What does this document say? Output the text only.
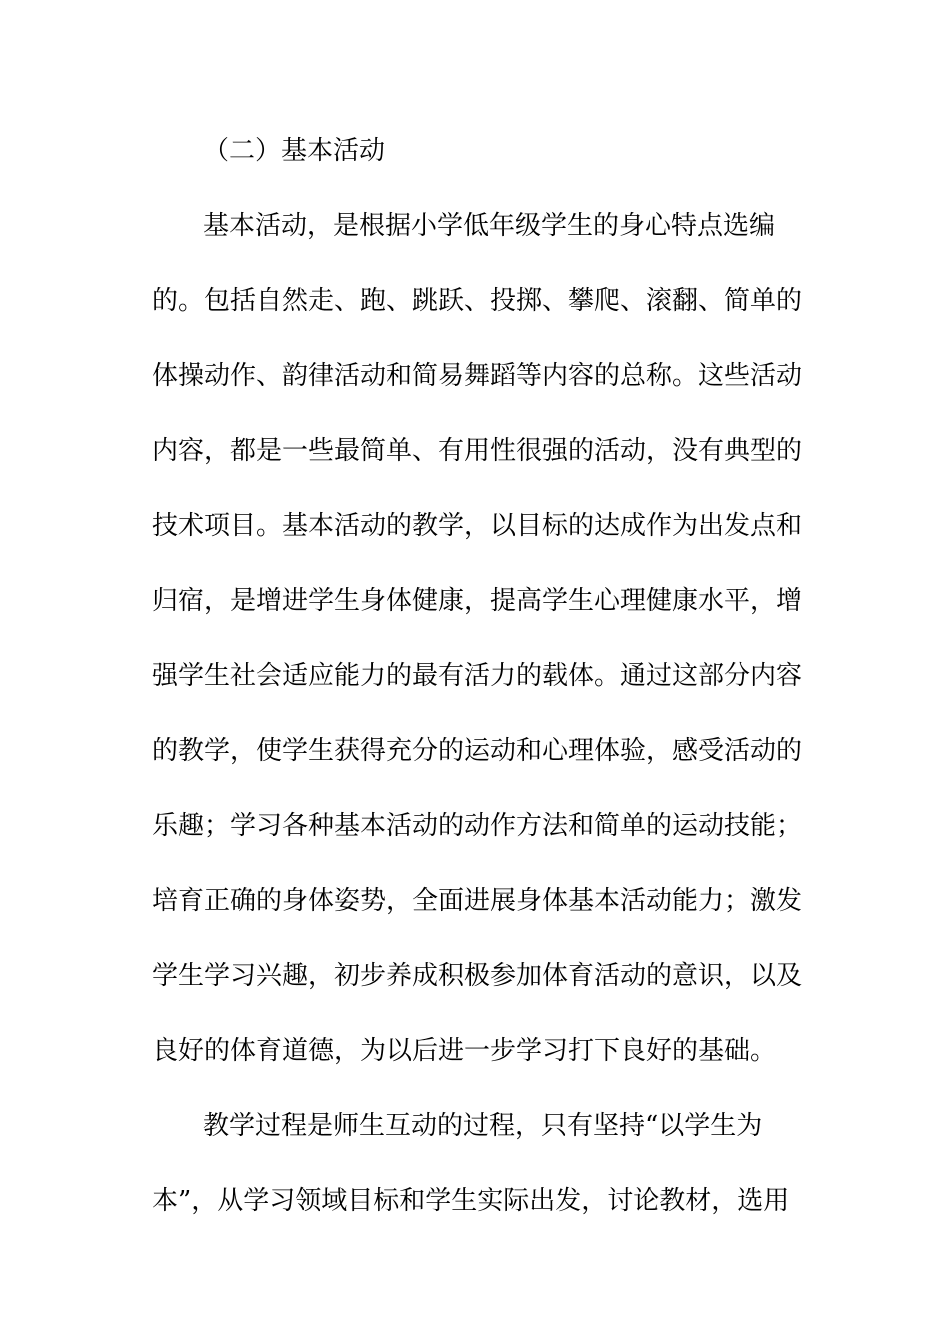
（二）基本活动

基本活动，是根据小学低年级学生的身心特点选编

的。包括自然走、跑、跳跃、投掷、攀爬、滚翻、简单的

体操动作、韵律活动和简易舞蹈等内容的总称。这些活动

内容，都是一些最简单、有用性很强的活动，没有典型的

技术项目。基本活动的教学，以目标的达成作为出发点和

归宿，是增进学生身体健康，提高学生心理健康水平，增

强学生社会适应能力的最有活力的载体。通过这部分内容

的教学，使学生获得充分的运动和心理体验，感受活动的

乐趣；学习各种基本活动的动作方法和简单的运动技能；

培育正确的身体姿势，全面进展身体基本活动能力；激发

学生学习兴趣，初步养成积极参加体育活动的意识，以及

良好的体育道德，为以后进一步学习打下良好的基础。

教学过程是师生互动的过程，只有坚持“以学生为

本”，从学习领域目标和学生实际出发，讨论教材，选用
